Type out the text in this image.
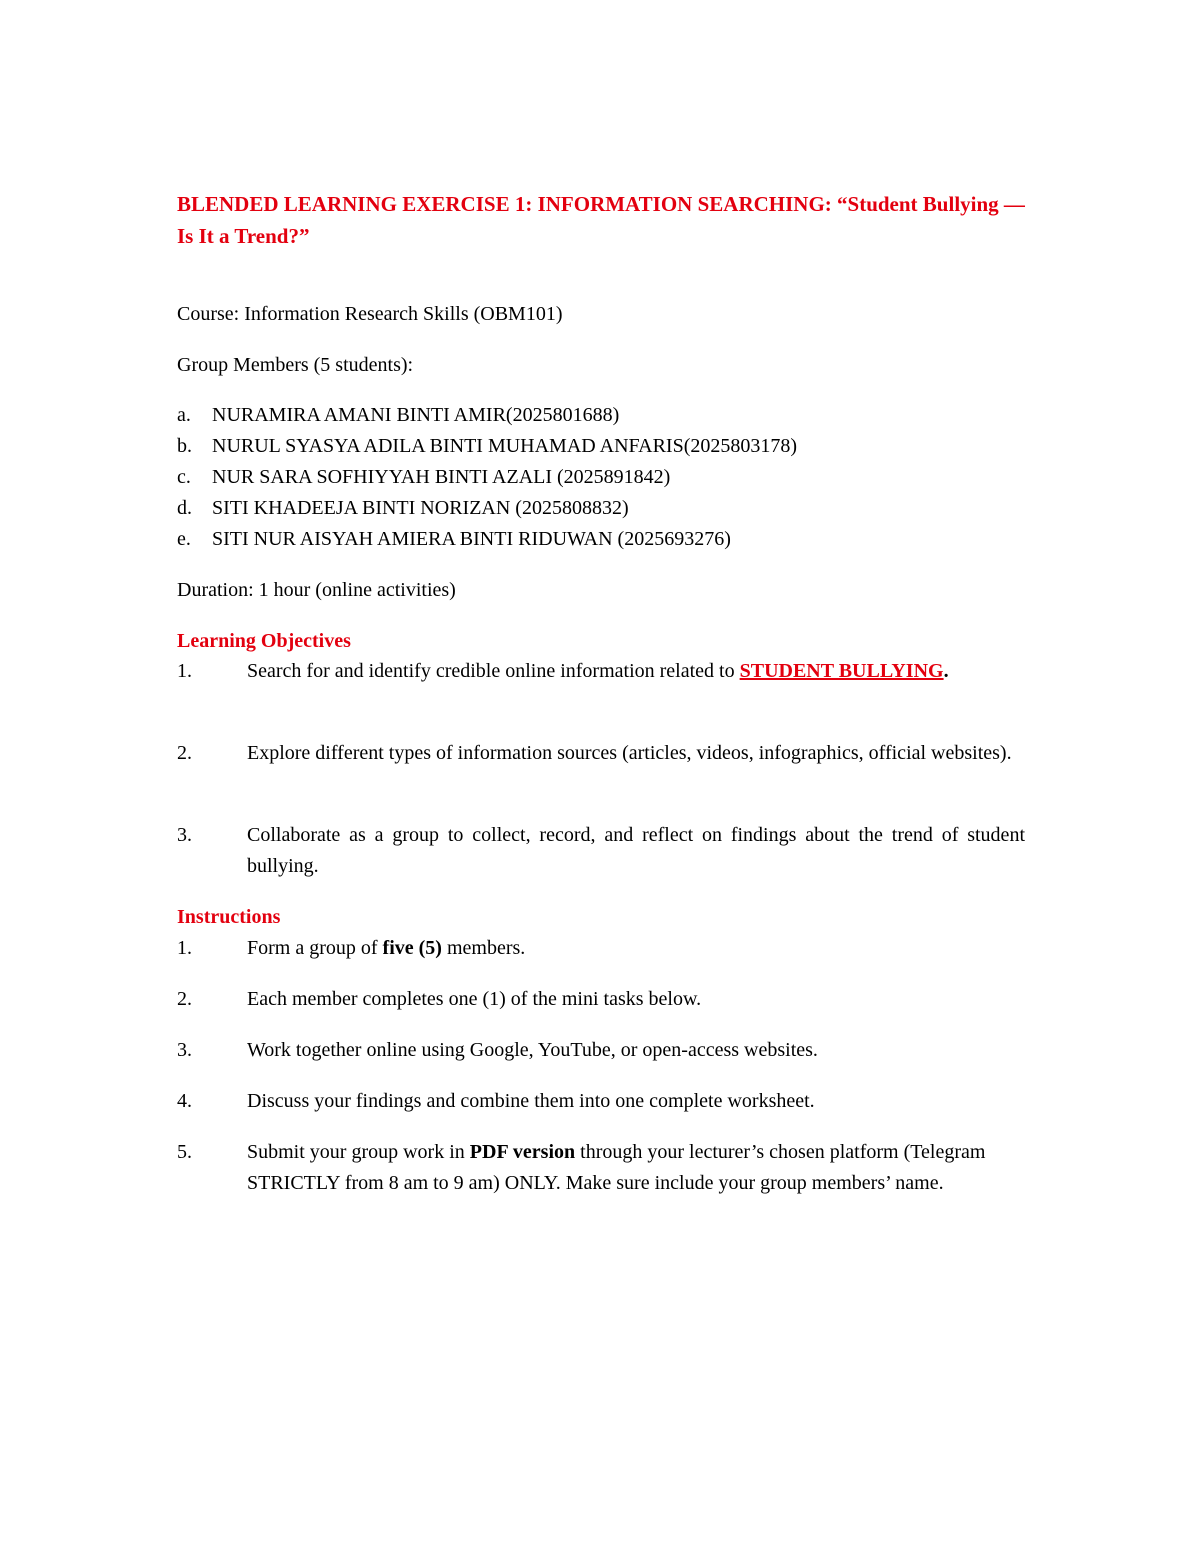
BLENDED LEARNING EXERCISE 1: INFORMATION SEARCHING: “Student Bullying — Is It a Trend?”
Course: Information Research Skills (OBM101)
Group Members (5 students):
a. NURAMIRA AMANI BINTI AMIR(2025801688)
b. NURUL SYASYA ADILA BINTI MUHAMAD ANFARIS(2025803178)
c. NUR SARA SOFHIYYAH BINTI AZALI (2025891842)
d. SITI KHADEEJA BINTI NORIZAN (2025808832)
e. SITI NUR AISYAH AMIERA BINTI RIDUWAN (2025693276)
Duration: 1 hour (online activities)
Learning Objectives
1.	Search for and identify credible online information related to STUDENT BULLYING.
2.	Explore different types of information sources (articles, videos, infographics, official websites).
3.	Collaborate as a group to collect, record, and reflect on findings about the trend of student bullying.
Instructions
1.	Form a group of five (5) members.
2.	Each member completes one (1) of the mini tasks below.
3.	Work together online using Google, YouTube, or open-access websites.
4.	Discuss your findings and combine them into one complete worksheet.
5.	Submit your group work in PDF version through your lecturer’s chosen platform (Telegram STRICTLY from 8 am to 9 am) ONLY. Make sure include your group members’ name.
